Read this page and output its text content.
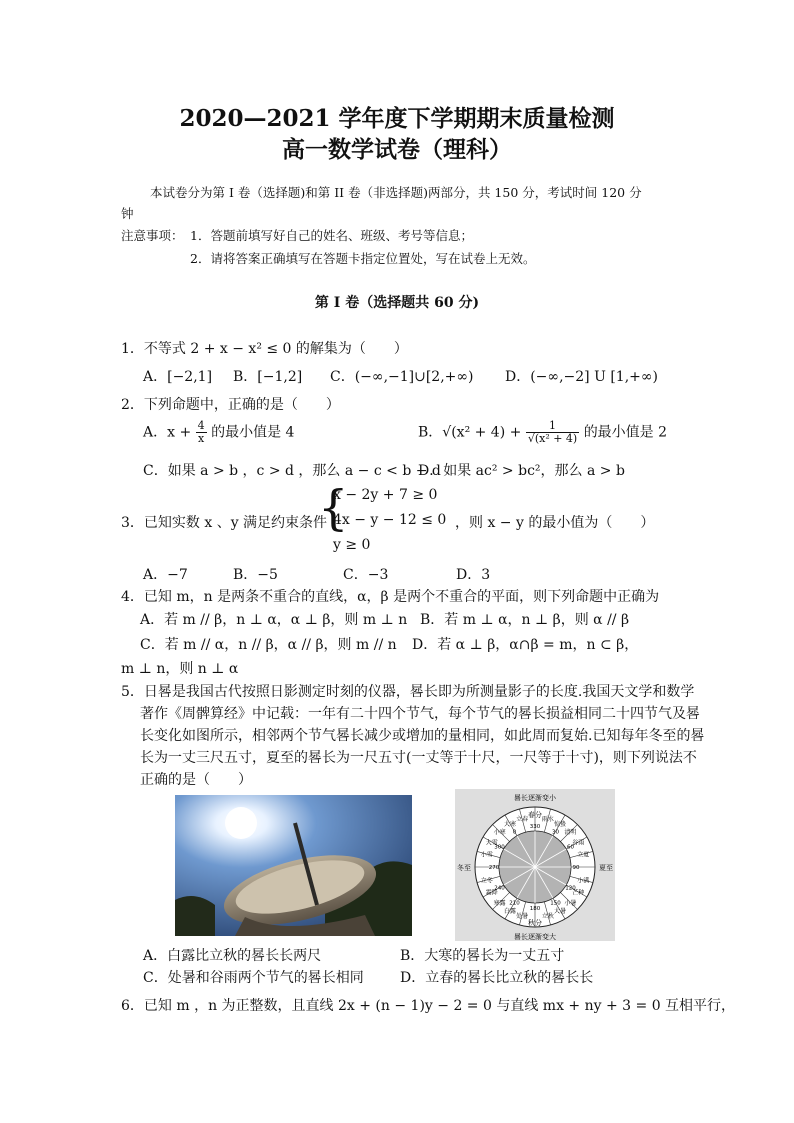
2020—2021 学年度下学期期末质量检测
高一数学试卷（理科）
本试卷分为第 I 卷（选择题)和第 II 卷（非选择题)两部分，共 150 分，考试时间 120 分
钟
注意事项： 1．答题前填写好自己的姓名、班级、考号等信息；
2．请将答案正确填写在答题卡指定位置处，写在试卷上无效。
第 I 卷（选择题共 60 分)
1．不等式 2 + x − x² ≤ 0 的解集为（　　）
A．[−2,1] B．[−1,2] C．(−∞,−1]∪[2,+∞) D．(−∞,−2] U [1,+∞)
2．下列命题中，正确的是（　　）
A．$x + \frac{4}{x}$ 的最小值是 4	B．$√(x^2 + 4) + \frac{1}{\text{√(x² + 4)}}$ 的最小值是 2
C．如果 a > b ，c > d ，那么 a − c < b − d
D．如果 ac² > bc²，那么 a > b
3．已知实数 x 、y 满足约束条件
{
x − 2y + 7 ≥ 0
4x − y − 12 ≤ 0
y ≥ 0
，则 x − y 的最小值为（　　）
A．−7	B．−5	C．−3	D．3
4．已知 m，n 是两条不重合的直线，α，β 是两个不重合的平面，则下列命题中正确为
A．若 m // β，n ⊥ α，α ⊥ β，则 m ⊥ n B．若 m ⊥ α，n ⊥ β，则 α // β
C．若 m // α，n // β，α // β，则 m // n D．若 α ⊥ β，α∩β = m，n ⊂ β，
m ⊥ n，则 n ⊥ α
5．日晷是我国古代按照日影测定时刻的仪器，晷长即为所测量影子的长度.我国天文学和数学
著作《周髀算经》中记载：一年有二十四个节气，每个节气的晷长损益相同二十四节气及晷
长变化如图所示，相邻两个节气晷长减少或增加的量相同，如此周而复始.已知每年冬至的晷
长为一丈三尺五寸，夏至的晷长为一尺五寸(一丈等于十尺，一尺等于十寸)，则下列说法不
正确的是（　　）
晷长逐渐变小
晷长逐渐变大
春分
秋分
夏至
冬至
雨水
惊蛰
清明
谷雨
立夏
小满
芒种
小暑
大暑
立秋
处暑
白露
寒露
霜降
立冬
小雪
大雪
小寒
大寒
立春
330
30
60
90
120
150
180
210
240
270
300
0
A．白露比立秋的晷长长两尺	B．大寒的晷长为一丈五寸
C．处暑和谷雨两个节气的晷长相同	D．立春的晷长比立秋的晷长长
6．已知 m ，n 为正整数，且直线 2x + (n − 1)y − 2 = 0 与直线 mx + ny + 3 = 0 互相平行，
